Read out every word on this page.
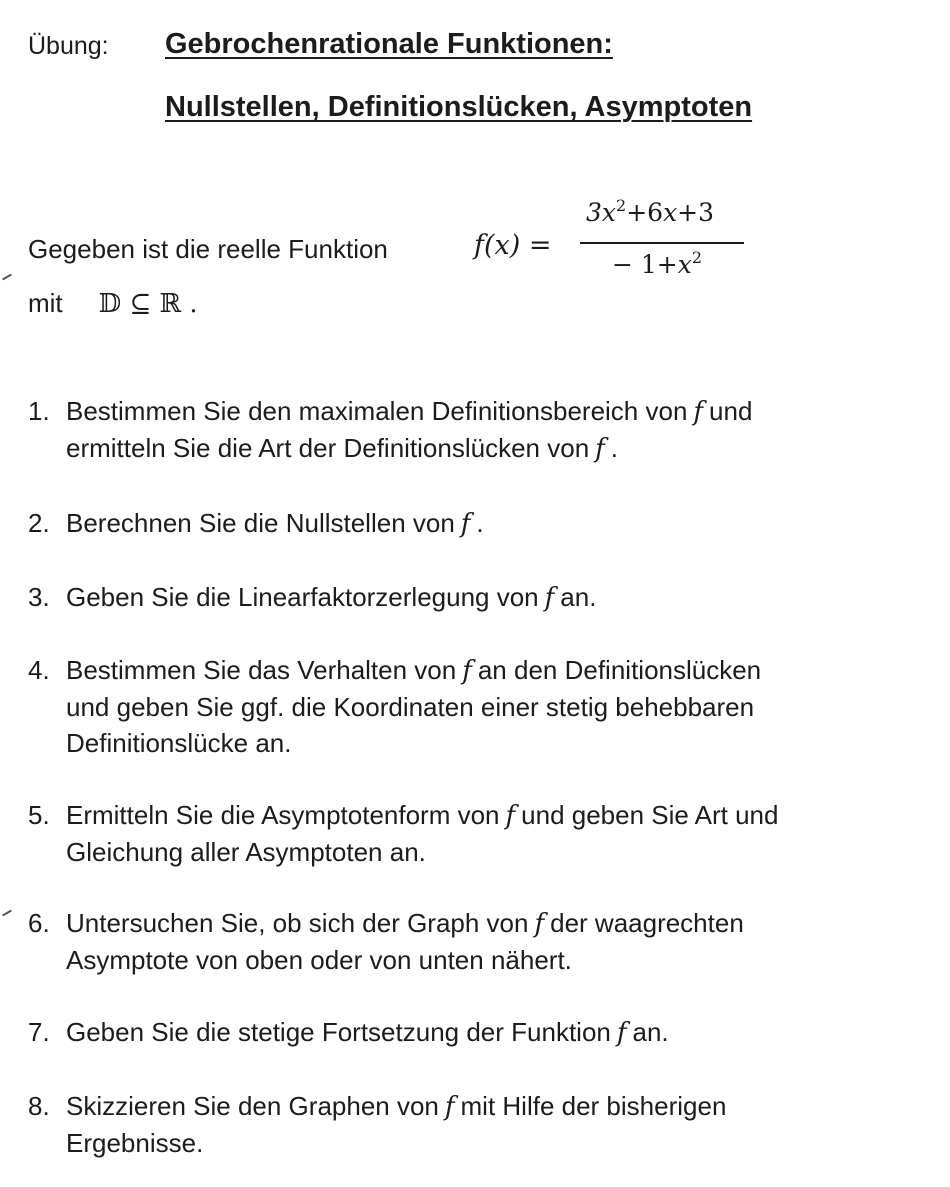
Übung: Gebrochenrationale Funktionen:
Nullstellen, Definitionslücken, Asymptoten
Gegeben ist die reelle Funktion	f(x) =
$3x^2+6x+3$
− $1+x^2$
mit 𝔻 ⊆ ℝ .
1. Bestimmen Sie den maximalen Definitionsbereich von f und
ermitteln Sie die Art der Definitionslücken von f .
2. Berechnen Sie die Nullstellen von f .
3. Geben Sie die Linearfaktorzerlegung von f an.
4. Bestimmen Sie das Verhalten von f an den Definitionslücken
und geben Sie ggf. die Koordinaten einer stetig behebbaren
Definitionslücke an.
5. Ermitteln Sie die Asymptotenform von f und geben Sie Art und
Gleichung aller Asymptoten an.
6. Untersuchen Sie, ob sich der Graph von f der waagrechten
Asymptote von oben oder von unten nähert.
7. Geben Sie die stetige Fortsetzung der Funktion f an.
8. Skizzieren Sie den Graphen von f mit Hilfe der bisherigen
Ergebnisse.
